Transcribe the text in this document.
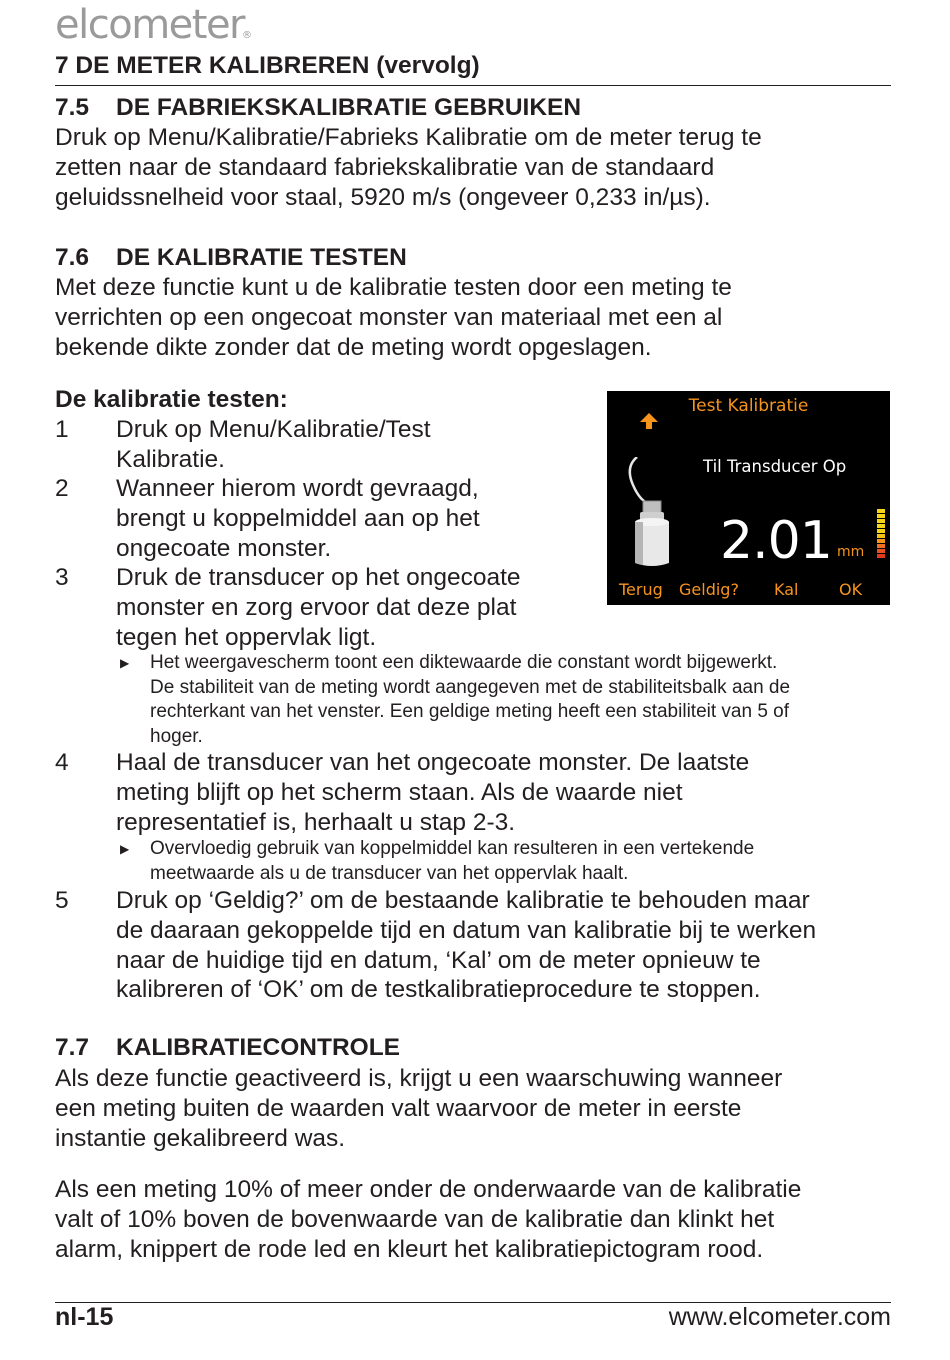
elcometer®
7 DE METER KALIBREREN (vervolg)
7.5 DE FABRIEKSKALIBRATIE GEBRUIKEN
Druk op Menu/Kalibratie/Fabrieks Kalibratie om de meter terug te
zetten naar de standaard fabriekskalibratie van de standaard
geluidssnelheid voor staal, 5920 m/s (ongeveer 0,233 in/µs).
7.6 DE KALIBRATIE TESTEN
Met deze functie kunt u de kalibratie testen door een meting te
verrichten op een ongecoat monster van materiaal met een al
bekende dikte zonder dat de meting wordt opgeslagen.
De kalibratie testen:
1 Druk op Menu/Kalibratie/Test
Kalibratie.
2 Wanneer hierom wordt gevraagd,
brengt u koppelmiddel aan op het
ongecoate monster.
3 Druk de transducer op het ongecoate
monster en zorg ervoor dat deze plat
tegen het oppervlak ligt.
▶ Het weergavescherm toont een diktewaarde die constant wordt bijgewerkt.
De stabiliteit van de meting wordt aangegeven met de stabiliteitsbalk aan de
rechterkant van het venster. Een geldige meting heeft een stabiliteit van 5 of
hoger.
4 Haal de transducer van het ongecoate monster. De laatste
meting blijft op het scherm staan. Als de waarde niet
representatief is, herhaalt u stap 2-3.
▶ Overvloedig gebruik van koppelmiddel kan resulteren in een vertekende
meetwaarde als u de transducer van het oppervlak haalt.
5 Druk op ‘Geldig?’ om de bestaande kalibratie te behouden maar
de daaraan gekoppelde tijd en datum van kalibratie bij te werken
naar de huidige tijd en datum, ‘Kal’ om de meter opnieuw te
kalibreren of ‘OK’ om de testkalibratieprocedure te stoppen.
Test Kalibratie
Til Transducer Op
2.01 mm
Terug Geldig? Kal	OK
7.7 KALIBRATIECONTROLE
Als deze functie geactiveerd is, krijgt u een waarschuwing wanneer
een meting buiten de waarden valt waarvoor de meter in eerste
instantie gekalibreerd was.
Als een meting 10% of meer onder de onderwaarde van de kalibratie
valt of 10% boven de bovenwaarde van de kalibratie dan klinkt het
alarm, knippert de rode led en kleurt het kalibratiepictogram rood.
nl-15	www.elcometer.com
